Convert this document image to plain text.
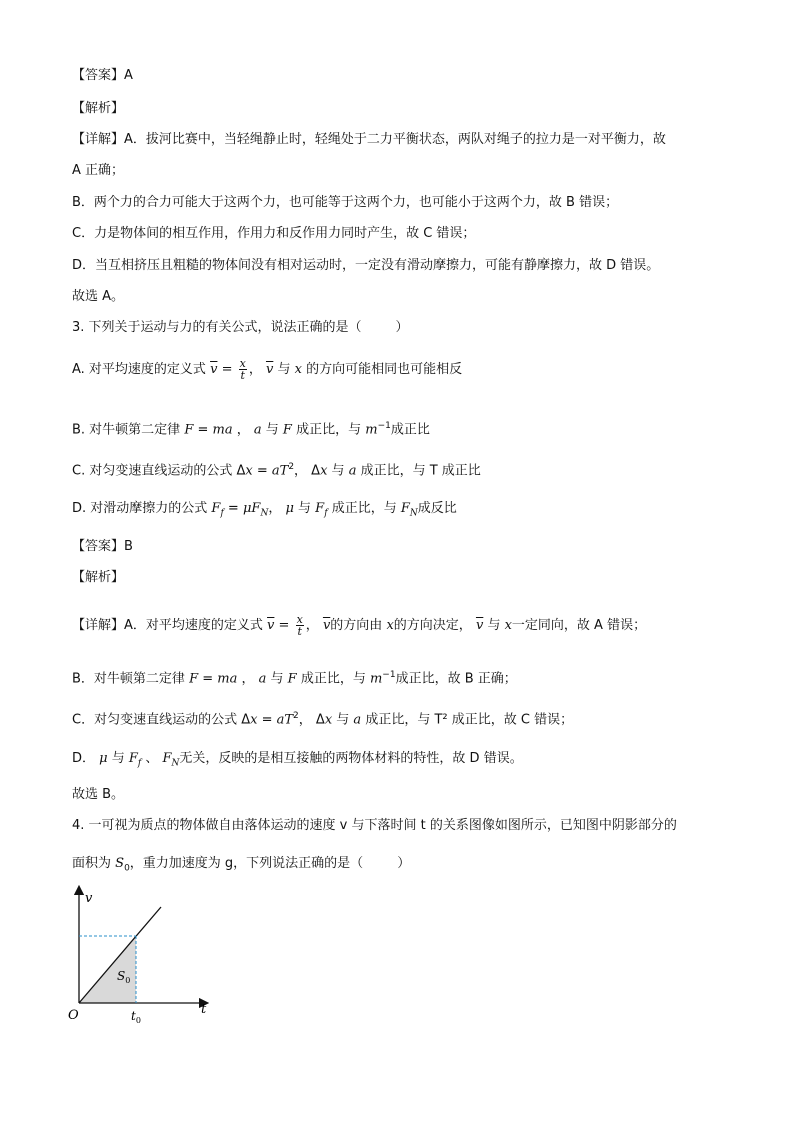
【答案】A
【解析】
【详解】A．拔河比赛中，当轻绳静止时，轻绳处于二力平衡状态，两队对绳子的拉力是一对平衡力，故
A 正确；
B．两个力的合力可能大于这两个力，也可能等于这两个力，也可能小于这两个力，故 B 错误；
C．力是物体间的相互作用，作用力和反作用力同时产生，故 C 错误；
D．当互相挤压且粗糙的物体间没有相对运动时，一定没有滑动摩擦力，可能有静摩擦力，故 D 错误。
故选 A。
3. 下列关于运动与力的有关公式，说法正确的是（	）
A. 对平均速度的定义式 $\overline{v} = \frac{x}{t}$ ， $\overline{v}$ 与 x 的方向可能相同也可能相反
B. 对牛顿第二定律 F = ma ， a 与 F 成正比，与 $m^{-1}$成正比
C. 对匀变速直线运动的公式 $\Delta x = aT^2$， Δx 与 a 成正比，与 T 成正比
D. 对滑动摩擦力的公式 $F_f = \mu F_N$， μ 与 $F_f$ 成正比，与 $F_N$成反比
【答案】B
【解析】
【详解】A．对平均速度的定义式 $\overline{v} = \frac{x}{t}$ ， $\overline{v}$的方向由 x的方向决定， $\overline{v}$ 与 x一定同向，故 A 错误；
B．对牛顿第二定律 F = ma ， a 与 F 成正比，与 $m^{-1}$成正比，故 B 正确；
C．对匀变速直线运动的公式 $\Delta x = aT^2$， Δx 与 a 成正比，与 T² 成正比，故 C 错误；
D． μ 与 $F_f$ 、 $F_N$无关，反映的是相互接触的两物体材料的特性，故 D 错误。
故选 B。
4. 一可视为质点的物体做自由落体运动的速度 v 与下落时间 t 的关系图像如图所示，已知图中阴影部分的
面积为 $S_0$，重力加速度为 g，下列说法正确的是（	）
v
t
O	$t_0$
$S_0$
